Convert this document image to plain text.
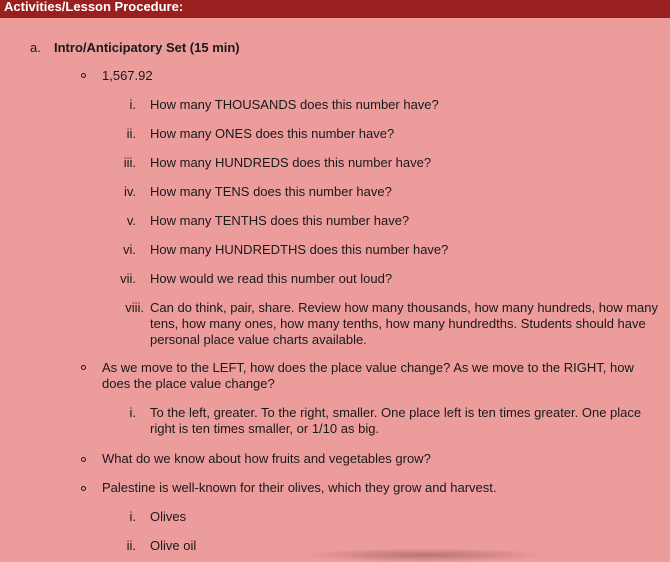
Activities/Lesson Procedure:
a. Intro/Anticipatory Set (15 min)
1,567.92
i. How many THOUSANDS does this number have?
ii. How many ONES does this number have?
iii. How many HUNDREDS does this number have?
iv. How many TENS does this number have?
v. How many TENTHS does this number have?
vi. How many HUNDREDTHS does this number have?
vii. How would we read this number out loud?
viii. Can do think, pair, share. Review how many thousands, how many hundreds, how many tens, how many ones, how many tenths, how many hundredths. Students should have personal place value charts available.
As we move to the LEFT, how does the place value change? As we move to the RIGHT, how does the place value change?
i. To the left, greater. To the right, smaller. One place left is ten times greater. One place right is ten times smaller, or 1/10 as big.
What do we know about how fruits and vegetables grow?
Palestine is well-known for their olives, which they grow and harvest.
i. Olives
ii. Olive oil
